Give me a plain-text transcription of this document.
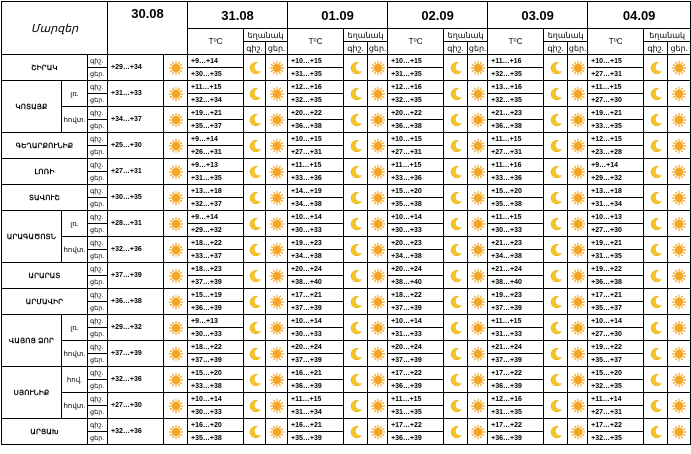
Մարզեր			30.08		31.08			01.09			02.09			03.09			04.09		
					T⁰C	եղանակ		T⁰C	եղանակ		T⁰C	եղանակ		T⁰C	եղանակ		T⁰C	եղանակ	
						գիշ.	ցեր.		գիշ.	ցեր.		գիշ.	ցեր.		գիշ.	ցեր.		գիշ.	ցեր.
ՇԻՐԱԿ		գիշ.	+29…+34		+9…+14			+10…+15			+10…+15			+11…+16			+10…+15	

		ցեր.			+30…+35			+31…+35			+31…+35			+32…+35			+27…+31		
ԿՈՏԱՅՔ	լռ.	գիշ.	+31…+33		+11…+15			+12…+16			+12…+16			+13…+16			+11…+15	

		ցեր.			+32…+34			+32…+35			+32…+35			+32…+35			+27…+30		
	հովտ.	գիշ.	+34…+37		+19…+21			+20…+22			+20…+22			+21…+23			+19…+21	

		ցեր.			+35…+37			+36…+38			+36…+38			+36…+38			+33…+35		
ԳԵՂԱՐՔՈՒՆԻՔ		գիշ.	+25…+30		+9…+14			+10…+15			+10…+15			+11…+15			+12…+15	

		ցեր.			+26…+31			+27…+31			+27…+31			+27…+31			+23…+28		
ԼՈՌԻ		գիշ.	+27…+31		+9…+13			+11…+15			+11…+15			+11…+16			+9…+14	

		ցեր.			+31…+35			+33…+36			+33…+36			+33…+36			+29…+32		
ՏԱՎՈՒՇ		գիշ.	+30…+35		+13…+18			+14…+19			+15…+20			+15…+20			+13…+18	

		ցեր.			+32…+37			+34…+38			+35…+38			+35…+38			+31…+34		
ԱՐԱԳԱԾՈՏՆ	լռ.	գիշ.	+28…+31		+9…+14			+10…+14			+10…+14			+11…+15			+10…+13	

		ցեր.			+29…+32			+30…+33			+30…+33			+30…+33			+27…+30		
	հովտ.	գիշ.	+32…+36		+18…+22			+19…+23			+20…+23			+21…+23			+19…+21	

		ցեր.			+33…+37			+34…+38			+34…+38			+34…+38			+31…+35		
ԱՐԱՐԱՏ		գիշ.	+37…+39		+18…+23			+20…+24			+20…+24			+21…+24			+19…+22	

		ցեր.			+37…+39			+38…+40			+38…+40			+38…+40			+36…+38		
ԱՐՄԱՎԻՐ		գիշ.	+36…+38		+15…+19			+17…+21			+18…+22			+19…+23			+17…+21	

		ցեր.			+36…+39			+37…+39			+37…+39			+37…+39			+35…+37		
ՎԱՅՈՑ ՁՈՐ	լռ.	գիշ.	+29…+32		+9…+13			+10…+14			+10…+14			+11…+15			+10…+14	

		ցեր.			+30…+33			+30…+33			+31…+33			+31…+33			+27…+30		
	հովտ.	գիշ.	+37…+39		+18…+22			+20…+24			+20…+24			+21…+24			+19…+22	

		ցեր.			+37…+39			+37…+39			+37…+39			+37…+39			+35…+37		
ՍՅՈՒՆԻՔ	հով.	գիշ.	+32…+36		+15…+20			+16…+21			+17…+22			+17…+22			+15…+20	

		ցեր.			+33…+38			+36…+39			+36…+39			+36…+39			+32…+35		
	հովտ.	գիշ.	+27…+30		+10…+14			+11…+15			+11…+15			+12…+16			+11…+14	

		ցեր.			+30…+33			+31…+34			+31…+35			+31…+35			+27…+31		
ԱՐՑԱԽ		գիշ.	+32…+36		+16…+20			+16…+21			+17…+22			+17…+22			+17…+22	

		ցեր.			+35…+38			+35…+39			+36…+39			+36…+39			+32…+35		
